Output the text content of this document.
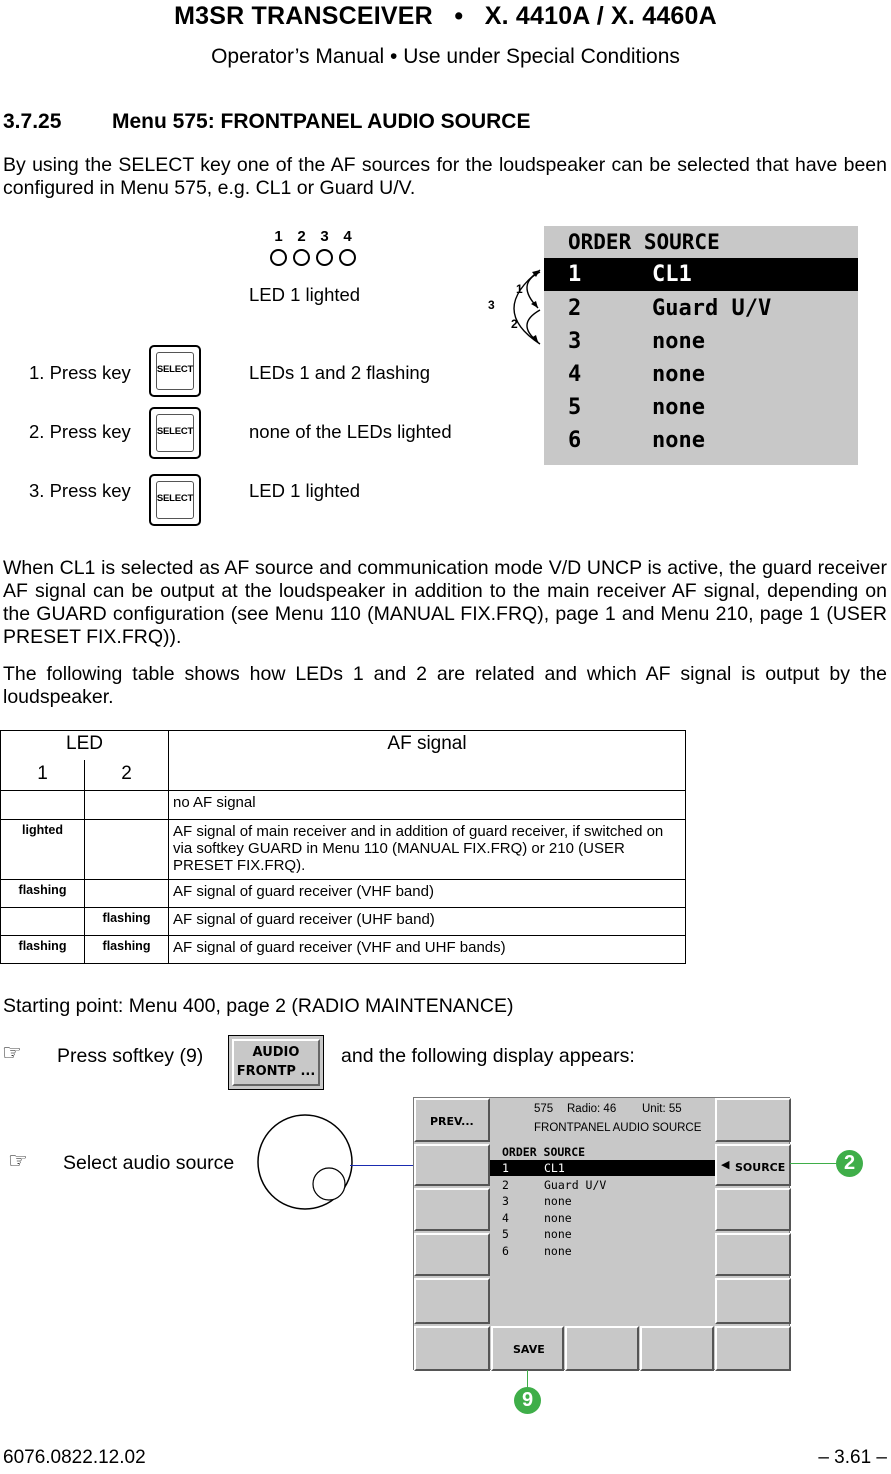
M3SR TRANSCEIVER   •   X. 4410A / X. 4460A
Operator’s Manual • Use under Special Conditions
3.7.25 Menu 575: FRONTPANEL AUDIO SOURCE
By using the SELECT key one of the AF sources for the loudspeaker can be selected that have been configured in Menu 575, e.g. CL1 or Guard U/V.
1 2 3 4
LED 1 lighted
1. Press key	SELECT	LEDs 1 and 2 flashing
2. Press key	SELECT	none of the LEDs lighted
3. Press key	SELECT	LED 1 lighted
1
2
3
ORDER SOURCE
1	CL1
2	Guard U/V
3	none
4	none
5	none
6	none
When CL1 is selected as AF source and communication mode V/D UNCP is active, the guard receiver AF signal can be output at the loudspeaker in addition to the main receiver AF signal, depending on the GUARD configuration (see Menu 110 (MANUAL FIX.FRQ), page 1 and Menu 210, page 1 (USER PRESET FIX.FRQ)).
The following table shows how LEDs 1 and 2 are related and which AF signal is output by the loudspeaker.
LED		AF signal
1	2	
		no AF signal
lighted		AF signal of main receiver and in addition of guard receiver, if switched on via softkey GUARD in Menu 110 (MANUAL FIX.FRQ) or 210 (USER PRESET FIX.FRQ).
flashing		AF signal of guard receiver (VHF band)
	flashing	AF signal of guard receiver (UHF band)
flashing	flashing	AF signal of guard receiver (VHF and UHF bands)
Starting point: Menu 400, page 2 (RADIO MAINTENANCE)
☞ Press softkey (9)	AUDIO
FRONTP ...
and the following display appears:
☞ Select audio source
PREV...
◀ SOURCE
SAVE
575 Radio: 46 Unit: 55
FRONTPANEL AUDIO SOURCE
ORDER SOURCE
1	CL1
2	Guard U/V
3	none
4	none
5	none
6	none
2
9
6076.0822.12.02	– 3.61 –
